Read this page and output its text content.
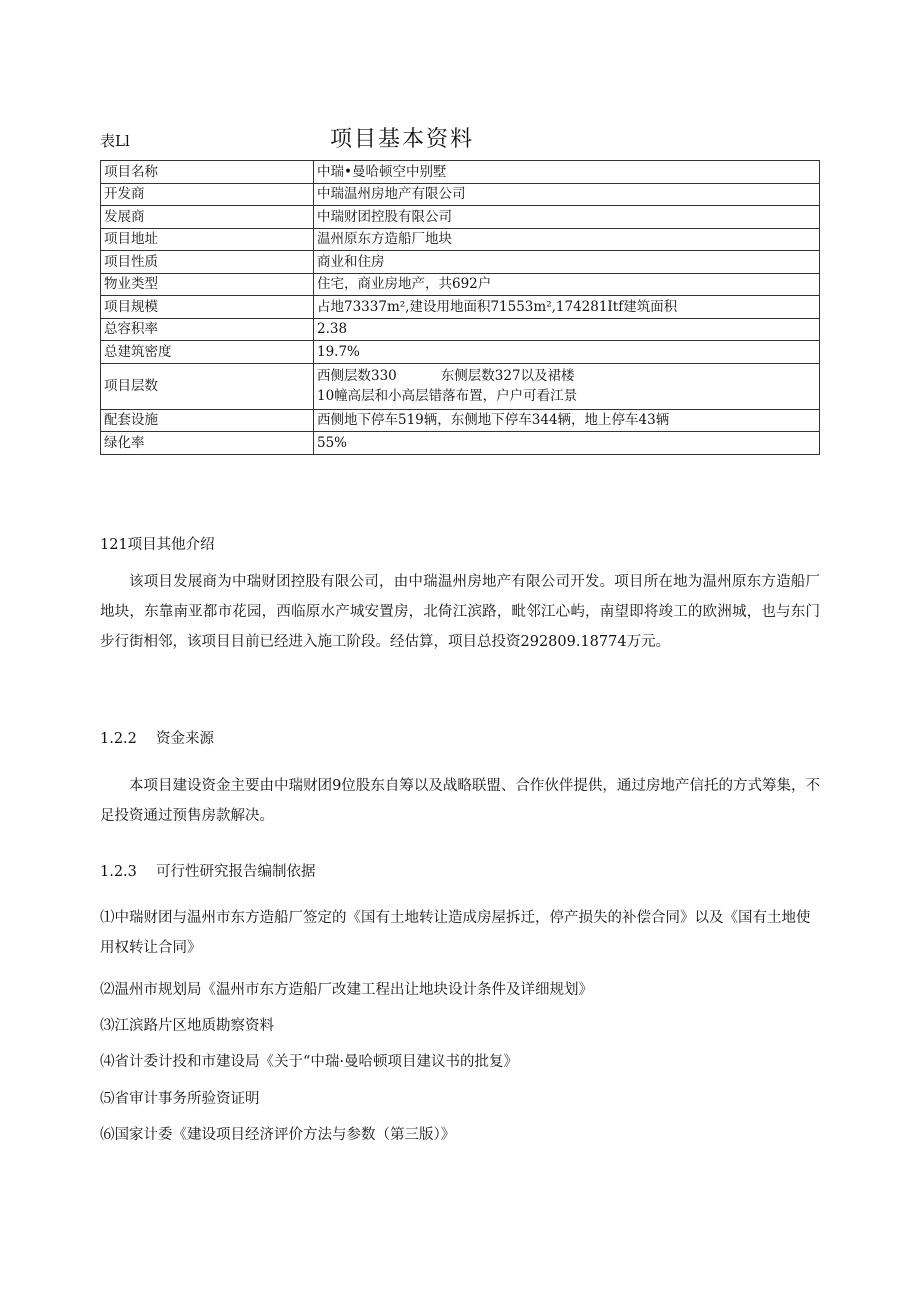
表Ll	项目基本资料
项目名称	中瑞•曼哈顿空中别墅
开发商	中瑞温州房地产有限公司
发展商	中瑞财团控股有限公司
项目地址	温州原东方造船厂地块
项目性质	商业和住房
物业类型	住宅，商业房地产，共692户
项目规模	占地73337m²,建设用地面积71553m²,174281Itf建筑面积
总容积率	2.38
总建筑密度	19.7%
项目层数	西侧层数330 东侧层数327以及裙楼
10幢高层和小高层错落布置，户户可看江景
配套设施	西侧地下停车519辆，东侧地下停车344辆，地上停车43辆
绿化率	55%
121项目其他介绍
该项目发展商为中瑞财团控股有限公司，由中瑞温州房地产有限公司开发。项目所在地为温州原东方造船厂地块，东靠南亚都市花园，西临原水产城安置房，北倚江滨路，毗邻江心屿，南望即将竣工的欧洲城，也与东门步行街相邻，该项目目前已经进入施工阶段。经估算，项目总投资292809.18774万元。
1.2.2 资金来源
本项目建设资金主要由中瑞财团9位股东自筹以及战略联盟、合作伙伴提供，通过房地产信托的方式筹集，不足投资通过预售房款解决。
1.2.3 可行性研究报告编制依据
⑴中瑞财团与温州市东方造船厂签定的《国有土地转让造成房屋拆迁，停产损失的补偿合同》以及《国有土地使用权转让合同》
⑵温州市规划局《温州市东方造船厂改建工程出让地块设计条件及详细规划》
⑶江滨路片区地质勘察资料
⑷省计委计投和市建设局《关于“中瑞·曼哈顿项目建议书的批复》
⑸省审计事务所验资证明
⑹国家计委《建设项目经济评价方法与参数（第三版）》
